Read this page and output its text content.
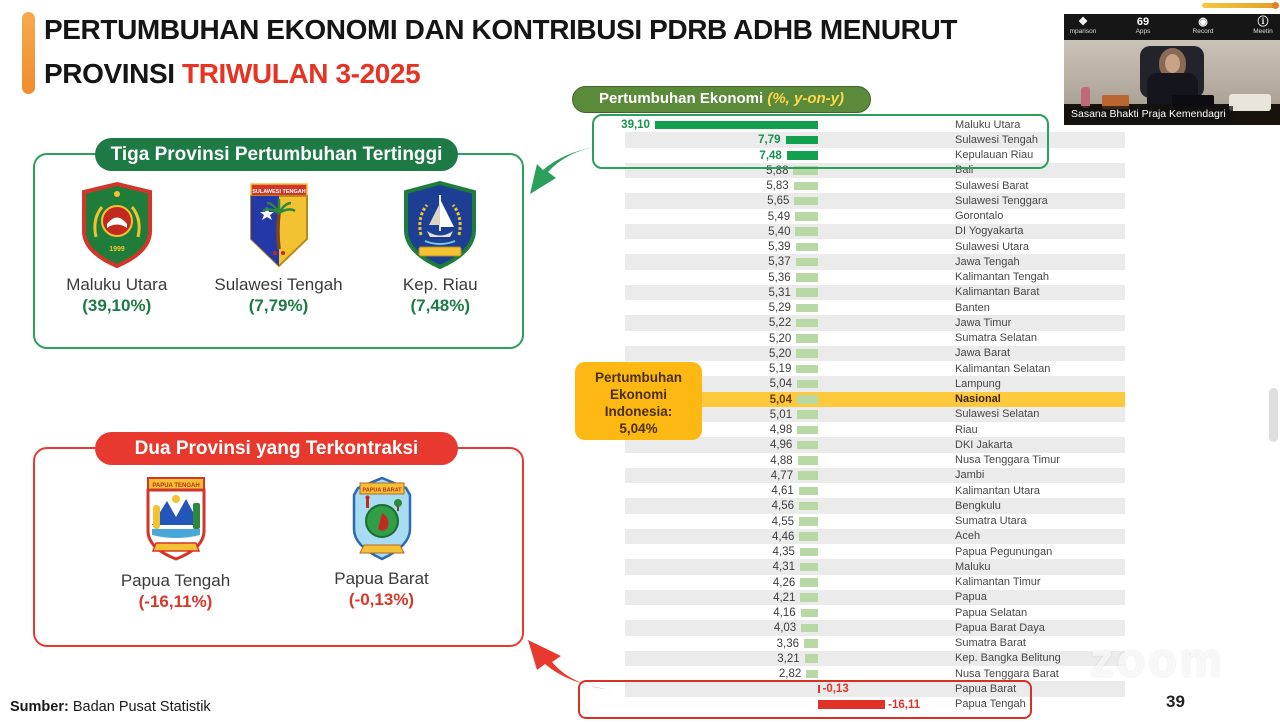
PERTUMBUHAN EKONOMI DAN KONTRIBUSI PDRB ADHB MENURUT
PROVINSI TRIWULAN 3-2025
Tiga Provinsi Pertumbuhan Tertinggi
1999
Maluku Utara
(39,10%)
SULAWESI TENGAH
Sulawesi Tengah
(7,79%)
Kep. Riau
(7,48%)
Dua Provinsi yang Terkontraksi
PAPUA TENGAH
Papua Tengah
(-16,11%)
PAPUA BARAT
Papua Barat
(-0,13%)
Pertumbuhan Ekonomi (%, y-on-y)
39,10	Maluku Utara
7,79	Sulawesi Tengah
7,48	Kepulauan Riau
5,88	Bali
5,83	Sulawesi Barat
5,65	Sulawesi Tenggara
5,49	Gorontalo
5,40	DI Yogyakarta
5,39	Sulawesi Utara
5,37	Jawa Tengah
5,36	Kalimantan Tengah
5,31	Kalimantan Barat
5,29	Banten
5,22	Jawa Timur
5,20	Sumatra Selatan
5,20	Jawa Barat
5,19	Kalimantan Selatan
5,04	Lampung
5,04	Nasional
5,01	Sulawesi Selatan
4,98	Riau
4,96	DKI Jakarta
4,88	Nusa Tenggara Timur
4,77	Jambi
4,61	Kalimantan Utara
4,56	Bengkulu
4,55	Sumatra Utara
4,46	Aceh
4,35	Papua Pegunungan
4,31	Maluku
4,26	Kalimantan Timur
4,21	Papua
4,16	Papua Selatan
4,03	Papua Barat Daya
3,36	Sumatra Barat
3,21	Kep. Bangka Belitung
2,82	Nusa Tenggara Barat
-0,13	Papua Barat
-16,11	Papua Tengah
Pertumbuhan
Ekonomi
Indonesia:
5,04%
❖
mparison
69
Apps
◉
Record
ⓘ
Meetin
Sasana Bhakti Praja Kemendagri
zoom
Sumber: Badan Pusat Statistik	39
